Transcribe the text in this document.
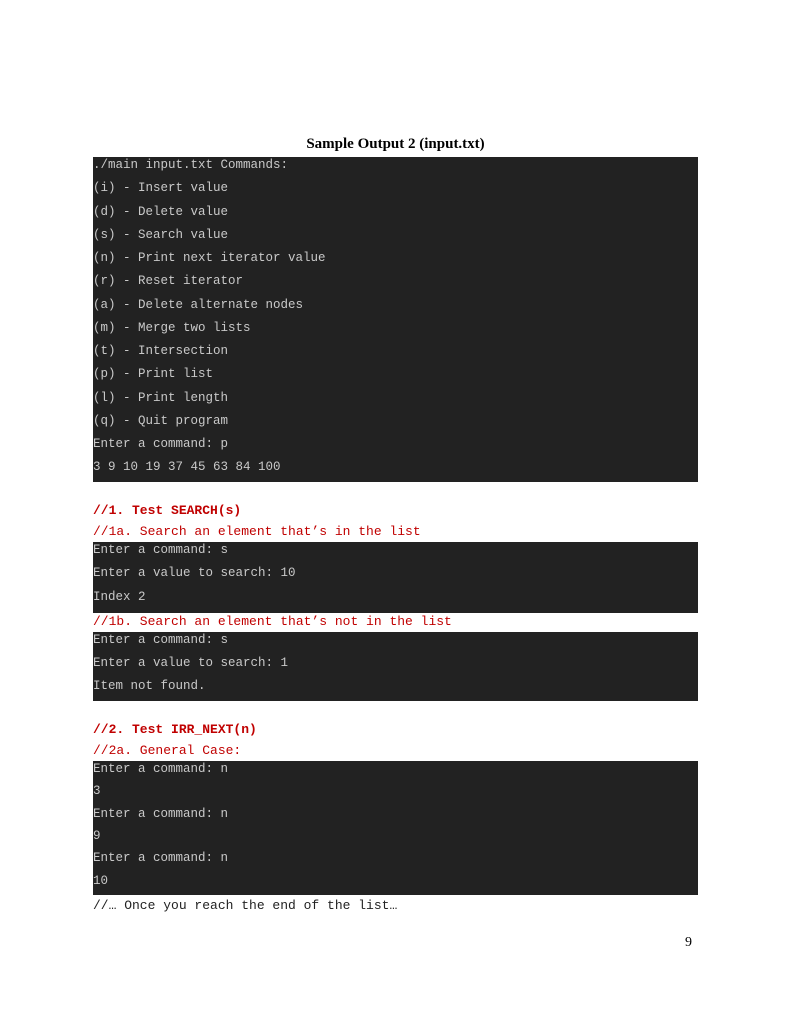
Sample Output 2 (input.txt)

./main input.txt Commands:

(i) - Insert value

(d) - Delete value

(s) - Search value

(n) - Print next iterator value

(r) - Reset iterator

(a) - Delete alternate nodes

(m) - Merge two lists

(t) - Intersection

(p) - Print list

(l) - Print length

(q) - Quit program

Enter a command: p

3 9 10 19 37 45 63 84 100

//1. Test SEARCH(s)
//1a. Search an element that’s in the list

Enter a command: s

Enter a value to search: 10

Index 2

//1b. Search an element that’s not in the list

Enter a command: s

Enter a value to search: 1

Item not found.

//2. Test IRR_NEXT(n)
//2a. General Case:

Enter a command: n

3

Enter a command: n

9

Enter a command: n

10

//… Once you reach the end of the list…
9
